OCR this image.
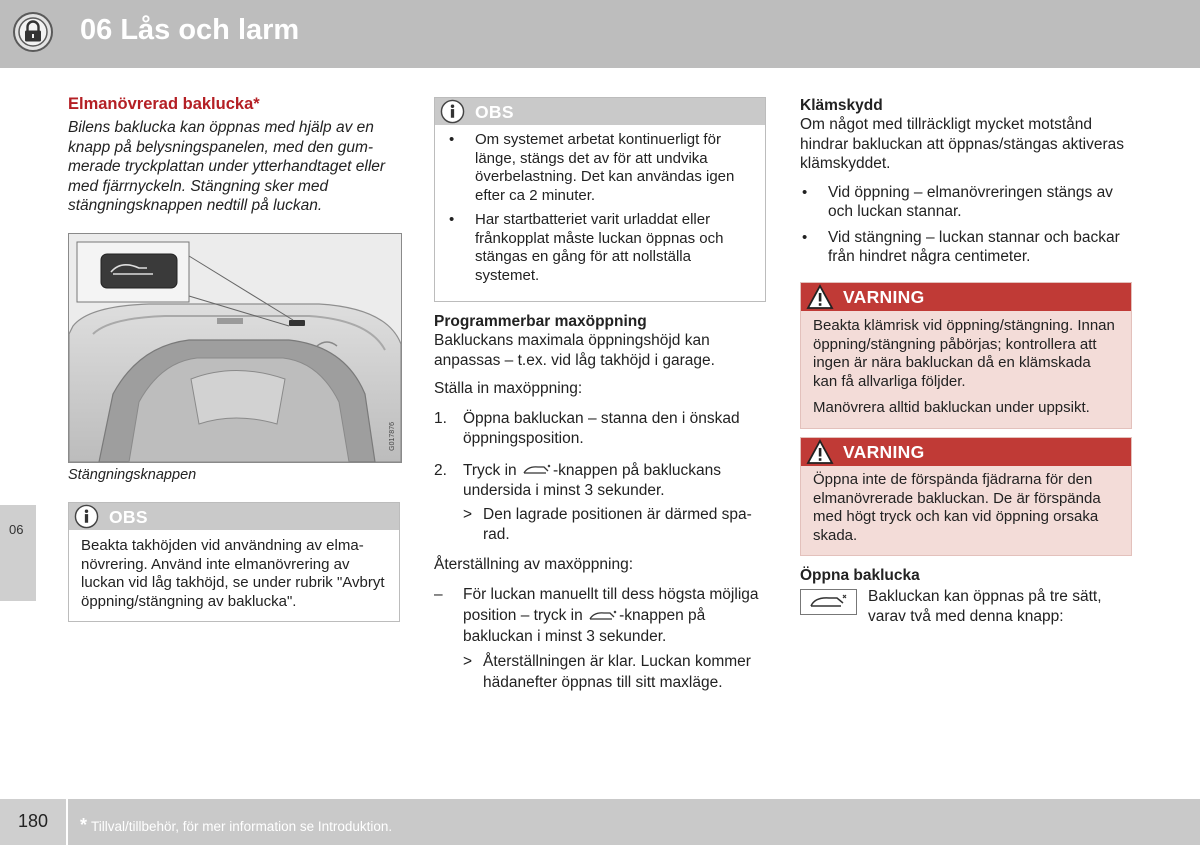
06 Lås och larm
06
Elmanövrerad baklucka*

Bilens baklucka kan öppnas med hjälp av en knapp på belysningspanelen, med den gummerade tryckplattan under ytterhandtaget eller med fjärrnyckeln. Stängning sker med stängningsknappen nedtill på luckan.

G017876
Stängningsknappen
OBS
Beakta takhöjden vid användning av elmanövrering. Använd inte elmanövrering av luckan vid låg takhöjd, se under rubrik "Avbryt öppning/stängning av baklucka".
OBS
• Om systemet arbetat kontinuerligt för länge, stängs det av för att undvika överbelastning. Det kan användas igen efter ca 2 minuter.
• Har startbatteriet varit urladdat eller frånkopplat måste luckan öppnas och stängas en gång för att nollställa systemet.
Programmerbar maxöppning

Bakluckans maximala öppningshöjd kan anpassas – t.ex. vid låg takhöjd i garage.

Ställa in maxöppning:

1. Öppna bakluckan – stanna den i önskad öppningsposition.
2. Tryck in -knappen på bakluckans undersida i minst 3 sekunder.
> Den lagrade positionen är därmed sparad.

Återställning av maxöppning:

– För luckan manuellt till dess högsta möjliga position – tryck in -knappen på bakluckan i minst 3 sekunder.
> Återställningen är klar. Luckan kommer hädanefter öppnas till sitt maxläge.
Klämskydd

Om något med tillräckligt mycket motstånd hindrar bakluckan att öppnas/stängas aktiveras klämskyddet.

• Vid öppning – elmanövreringen stängs av och luckan stannar.
• Vid stängning – luckan stannar och backar från hindret några centimeter.
VARNING
Beakta klämrisk vid öppning/stängning. Innan öppning/stängning påbörjas; kontrollera att ingen är nära bakluckan då en klämskada kan få allvarliga följder.
Manövrera alltid bakluckan under uppsikt.
VARNING
Öppna inte de förspända fjädrarna för den elmanövrerade bakluckan. De är förspända med högt tryck och kan vid öppning orsaka skada.
Öppna baklucka

Bakluckan kan öppnas på tre sätt, varav två med denna knapp:

180 * Tillval/tillbehör, för mer information se Introduktion.
